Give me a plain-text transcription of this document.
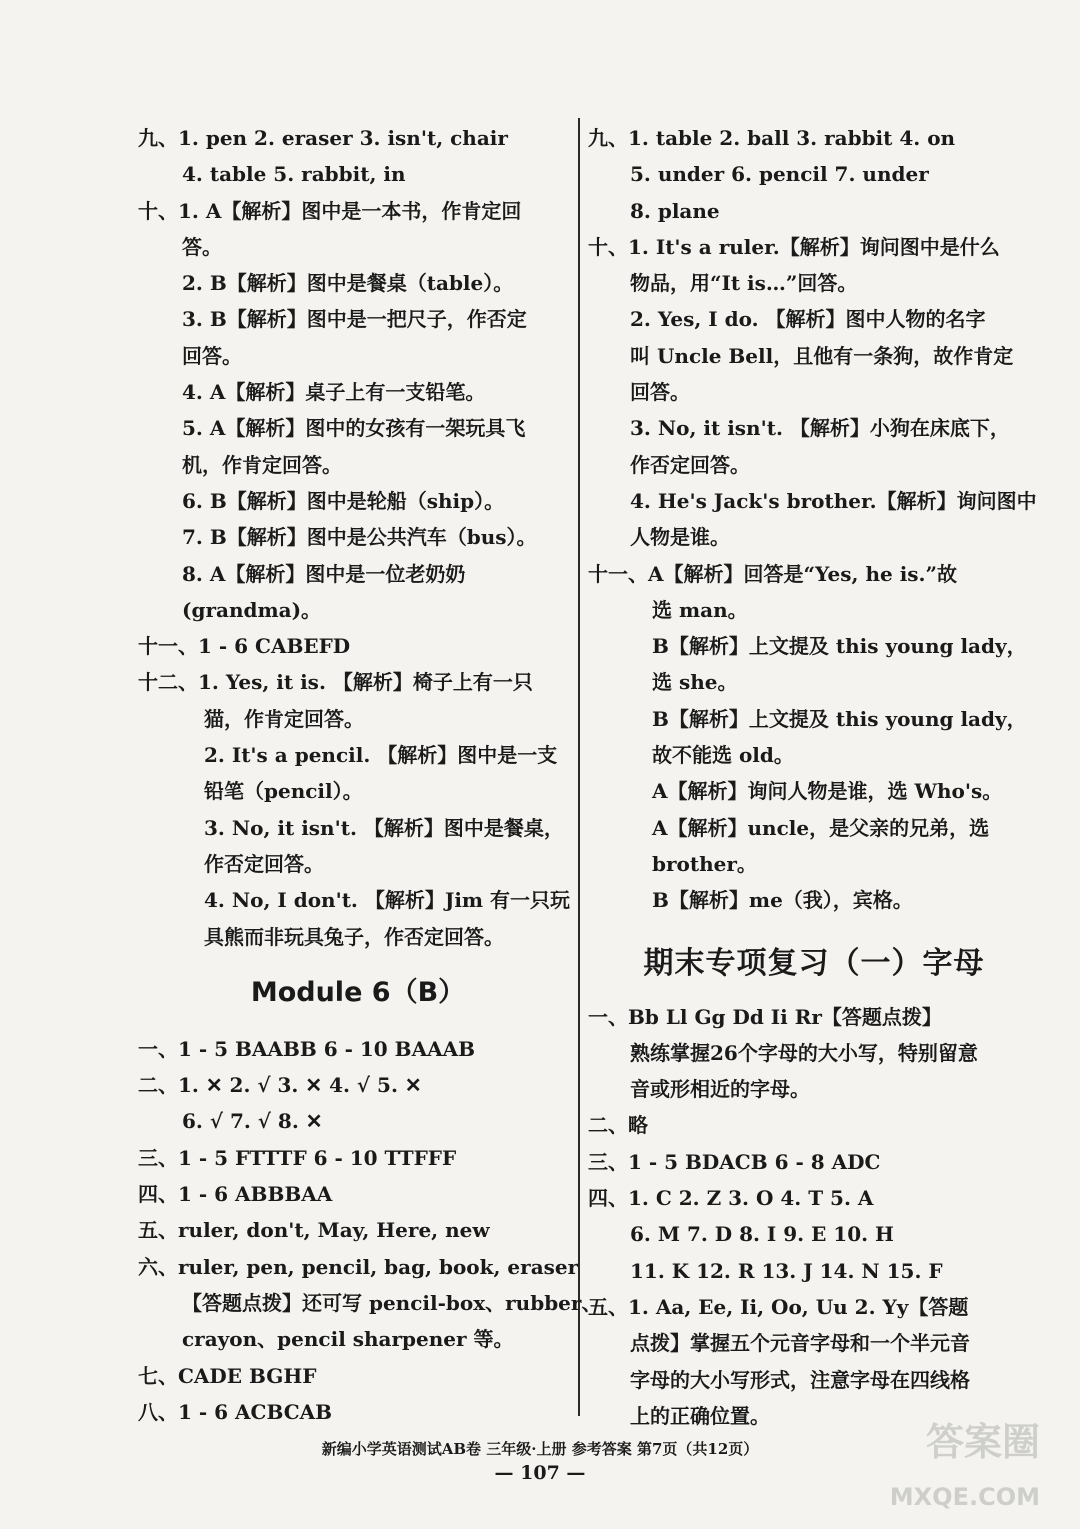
九、1. pen 2. eraser 3. isn't, chair
4. table 5. rabbit, in
十、1. A【解析】图中是一本书，作肯定回
答。
2. B【解析】图中是餐桌（table）。
3. B【解析】图中是一把尺子，作否定
回答。
4. A【解析】桌子上有一支铅笔。
5. A【解析】图中的女孩有一架玩具飞
机，作肯定回答。
6. B【解析】图中是轮船（ship）。
7. B【解析】图中是公共汽车（bus）。
8. A【解析】图中是一位老奶奶
(grandma)。
十一、1 - 6 CABEFD
十二、1. Yes, it is. 【解析】椅子上有一只
猫，作肯定回答。
2. It's a pencil. 【解析】图中是一支
铅笔（pencil）。
3. No, it isn't. 【解析】图中是餐桌，
作否定回答。
4. No, I don't. 【解析】Jim 有一只玩
具熊而非玩具兔子，作否定回答。
Module 6（B）
一、1 - 5 BAABB 6 - 10 BAAAB
二、1. ✕ 2. √ 3. ✕ 4. √ 5. ✕
6. √ 7. √ 8. ✕
三、1 - 5 FTTTF 6 - 10 TTFFF
四、1 - 6 ABBBAA
五、ruler, don't, May, Here, new
六、ruler, pen, pencil, bag, book, eraser
【答题点拨】还可写 pencil-box、rubber、
crayon、pencil sharpener 等。
七、CADE BGHF
八、1 - 6 ACBCAB
九、1. table 2. ball 3. rabbit 4. on
5. under 6. pencil 7. under
8. plane
十、1. It's a ruler.【解析】询问图中是什么
物品，用“It is…”回答。
2. Yes, I do. 【解析】图中人物的名字
叫 Uncle Bell，且他有一条狗，故作肯定
回答。
3. No, it isn't. 【解析】小狗在床底下，
作否定回答。
4. He's Jack's brother.【解析】询问图中
人物是谁。
十一、A【解析】回答是“Yes, he is.”故
选 man。
B【解析】上文提及 this young lady，
选 she。
B【解析】上文提及 this young lady，
故不能选 old。
A【解析】询问人物是谁，选 Who's。
A【解析】uncle，是父亲的兄弟，选
brother。
B【解析】me（我），宾格。
期末专项复习（一）字母
一、Bb Ll Gg Dd Ii Rr【答题点拨】
熟练掌握26个字母的大小写，特别留意
音或形相近的字母。
二、略
三、1 - 5 BDACB 6 - 8 ADC
四、1. C 2. Z 3. O 4. T 5. A
6. M 7. D 8. I 9. E 10. H
11. K 12. R 13. J 14. N 15. F
五、1. Aa, Ee, Ii, Oo, Uu 2. Yy【答题
点拨】掌握五个元音字母和一个半元音
字母的大小写形式，注意字母在四线格
上的正确位置。
新编小学英语测试AB卷 三年级·上册 参考答案 第7页（共12页）
— 107 —
答案圈
MXQE.COM
